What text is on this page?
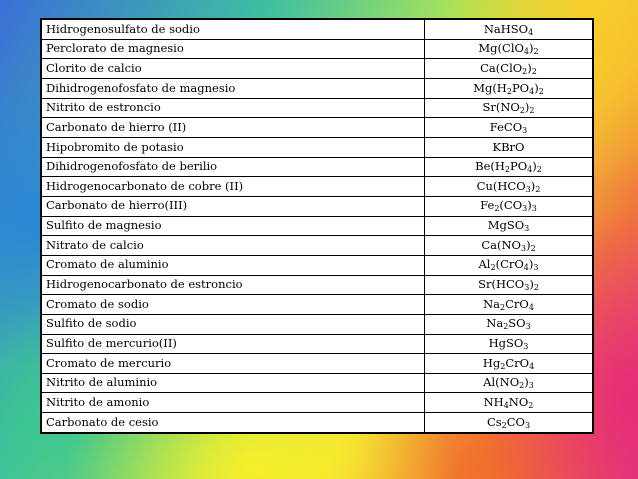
Hidrogenosulfato de sodio	NaHSO$_4$
Perclorato de magnesio	$Mg(ClO_4)_2$
Clorito de calcio	$Ca(ClO_2)_2$
Dihidrogenofosfato de magnesio	$Mg(H_2PO_4)_2$
Nitrito de estroncio	$Sr(NO_2)_2$
Carbonato de hierro (II)	FeCO$_3$
Hipobromito de potasio	KBrO
Dihidrogenofosfato de berilio	$Be(H_2PO_4)_2$
Hidrogenocarbonato de cobre (II)	$Cu(HCO_3)_2$
Carbonato de hierro(III)	$Fe_2(CO_3)_3$
Sulfito de magnesio	MgSO$_3$
Nitrato de calcio	$Ca(NO_3)_2$
Cromato de aluminio	$Al_2(CrO_4)_3$
Hidrogenocarbonato de estroncio	$Sr(HCO_3)_2$
Cromato de sodio	$Na_2CrO_4$
Sulfito de sodio	$Na_2SO_3$
Sulfito de mercurio(II)	HgSO$_3$
Cromato de mercurio	$Hg_2CrO_4$
Nitrito de aluminio	$Al(NO_2)_3$
Nitrito de amonio	$NH_4NO_2$
Carbonato de cesio	$Cs_2CO_3$
